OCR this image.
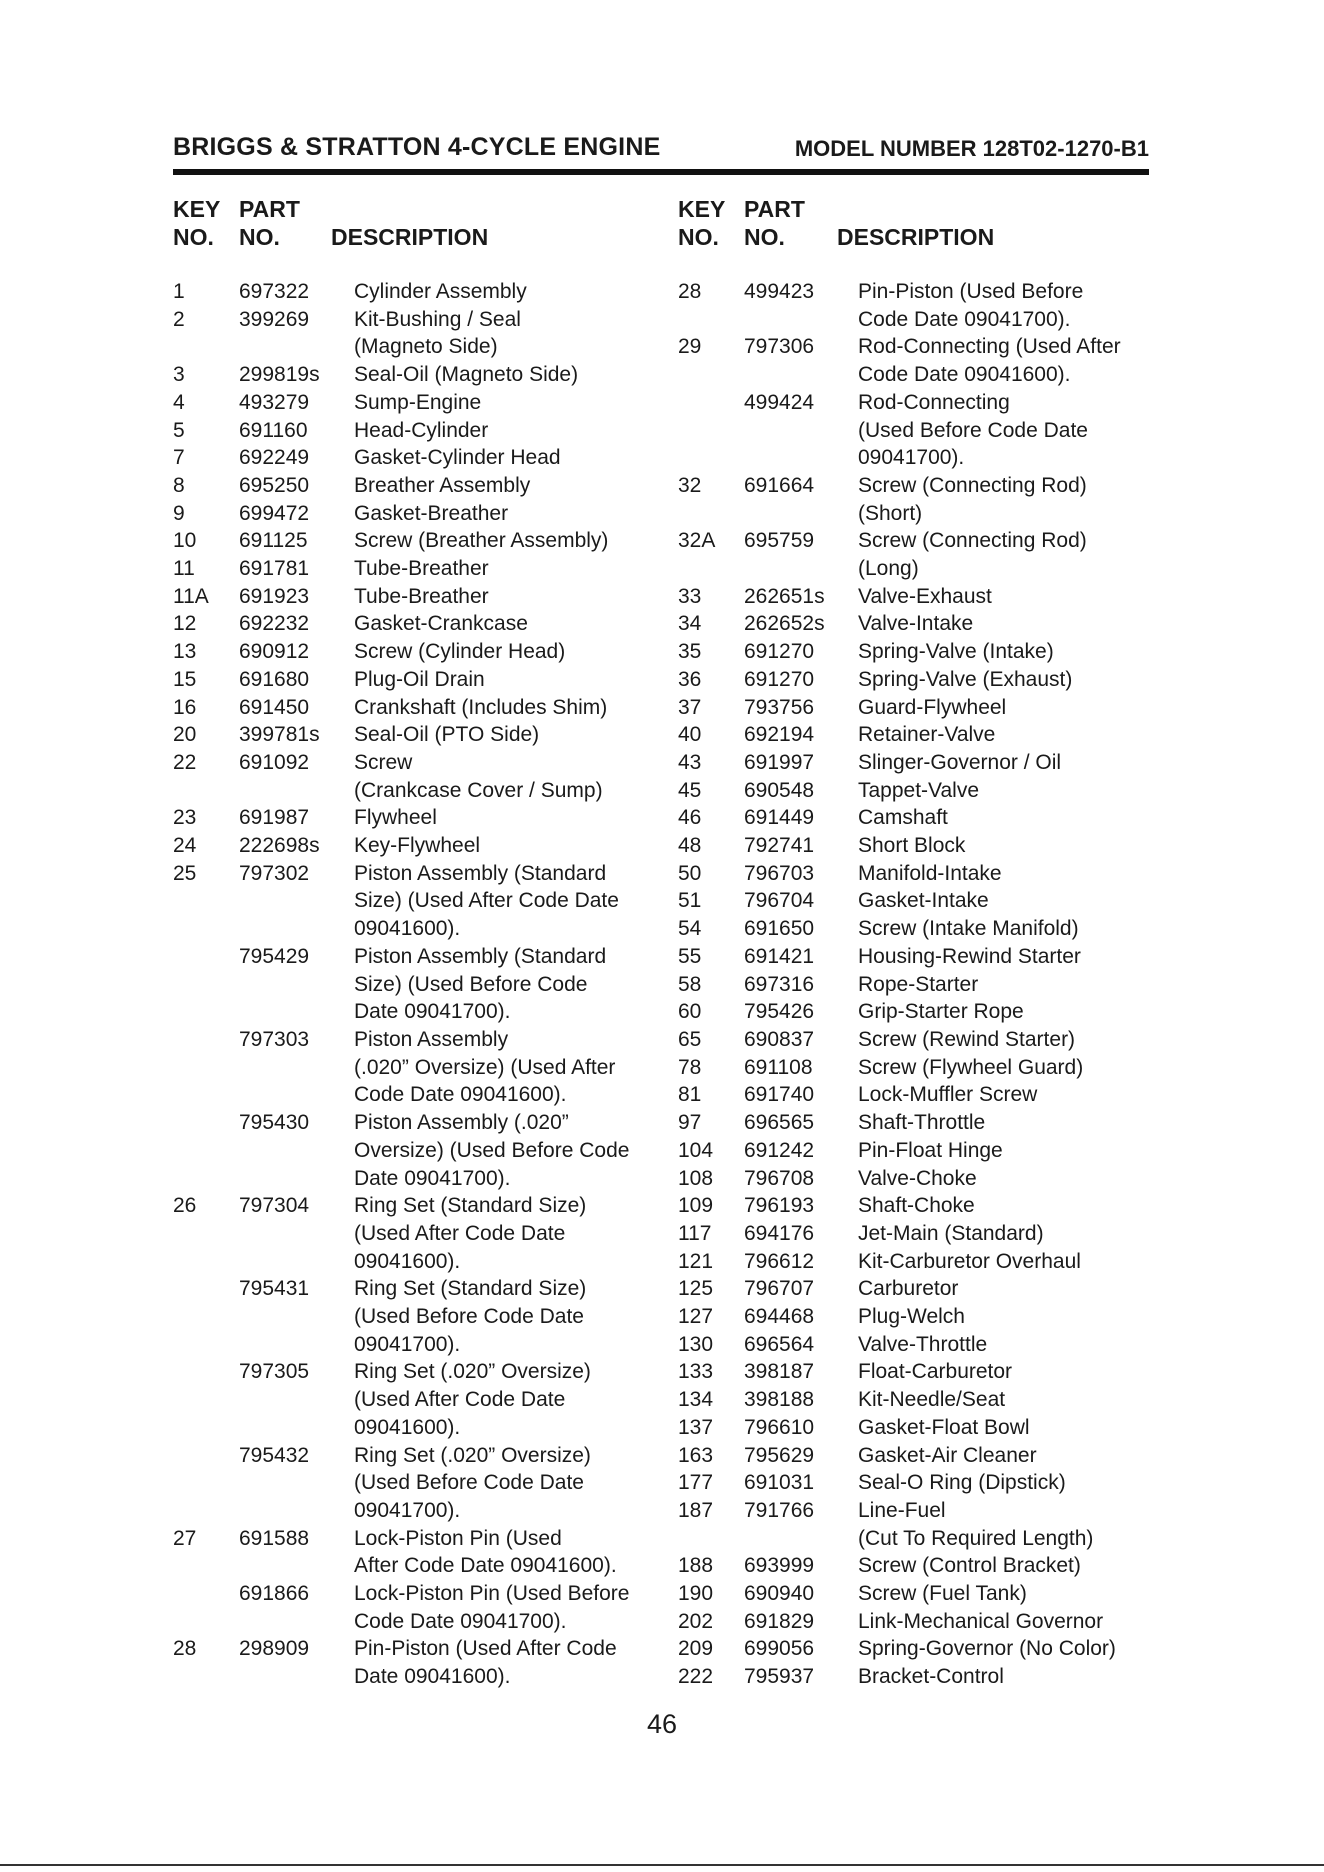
BRIGGS & STRATTON 4-CYCLE ENGINE	MODEL NUMBER 128T02-1270-B1
KEY
NO.
PART
NO.	DESCRIPTION
1	697322 Cylinder Assembly
2	399269 Kit-Bushing / Seal
(Magneto Side)
3	299819s Seal-Oil (Magneto Side)
4	493279 Sump-Engine
5	691160 Head-Cylinder
7	692249 Gasket-Cylinder Head
8	695250 Breather Assembly
9	699472 Gasket-Breather
10 691125 Screw (Breather Assembly)
11 691781 Tube-Breather
11A 691923 Tube-Breather
12 692232 Gasket-Crankcase
13 690912 Screw (Cylinder Head)
15 691680 Plug-Oil Drain
16 691450 Crankshaft (Includes Shim)
20 399781s Seal-Oil (PTO Side)
22 691092 Screw
(Crankcase Cover / Sump)
23 691987 Flywheel
24 222698s Key-Flywheel
25 797302 Piston Assembly (Standard
Size) (Used After Code Date
09041600).
795429 Piston Assembly (Standard
Size) (Used Before Code
Date 09041700).
797303 Piston Assembly
(.020” Oversize) (Used After
Code Date 09041600).
795430 Piston Assembly (.020”
Oversize) (Used Before Code
Date 09041700).
26 797304 Ring Set (Standard Size)
(Used After Code Date
09041600).
795431 Ring Set (Standard Size)
(Used Before Code Date
09041700).
797305 Ring Set (.020” Oversize)
(Used After Code Date
09041600).
795432 Ring Set (.020” Oversize)
(Used Before Code Date
09041700).
27 691588 Lock-Piston Pin (Used
After Code Date 09041600).
691866 Lock-Piston Pin (Used Before
Code Date 09041700).
28 298909 Pin-Piston (Used After Code
Date 09041600).
KEY
NO.
PART
NO.	DESCRIPTION
28 499423 Pin-Piston (Used Before
Code Date 09041700).
29 797306 Rod-Connecting (Used After
Code Date 09041600).
499424 Rod-Connecting
(Used Before Code Date
09041700).
32 691664 Screw (Connecting Rod)
(Short)
32A 695759 Screw (Connecting Rod)
(Long)
33 262651s Valve-Exhaust
34 262652s Valve-Intake
35 691270 Spring-Valve (Intake)
36 691270 Spring-Valve (Exhaust)
37 793756 Guard-Flywheel
40 692194 Retainer-Valve
43 691997 Slinger-Governor / Oil
45 690548 Tappet-Valve
46 691449 Camshaft
48 792741 Short Block
50 796703 Manifold-Intake
51 796704 Gasket-Intake
54 691650 Screw (Intake Manifold)
55 691421 Housing-Rewind Starter
58 697316 Rope-Starter
60 795426 Grip-Starter Rope
65 690837 Screw (Rewind Starter)
78 691108 Screw (Flywheel Guard)
81 691740 Lock-Muffler Screw
97 696565 Shaft-Throttle
104 691242 Pin-Float Hinge
108 796708 Valve-Choke
109 796193 Shaft-Choke
117 694176 Jet-Main (Standard)
121 796612 Kit-Carburetor Overhaul
125 796707 Carburetor
127 694468 Plug-Welch
130 696564 Valve-Throttle
133 398187 Float-Carburetor
134 398188 Kit-Needle/Seat
137 796610 Gasket-Float Bowl
163 795629 Gasket-Air Cleaner
177 691031 Seal-O Ring (Dipstick)
187 791766 Line-Fuel
(Cut To Required Length)
188 693999 Screw (Control Bracket)
190 690940 Screw (Fuel Tank)
202 691829 Link-Mechanical Governor
209 699056 Spring-Governor (No Color)
222 795937 Bracket-Control
46
